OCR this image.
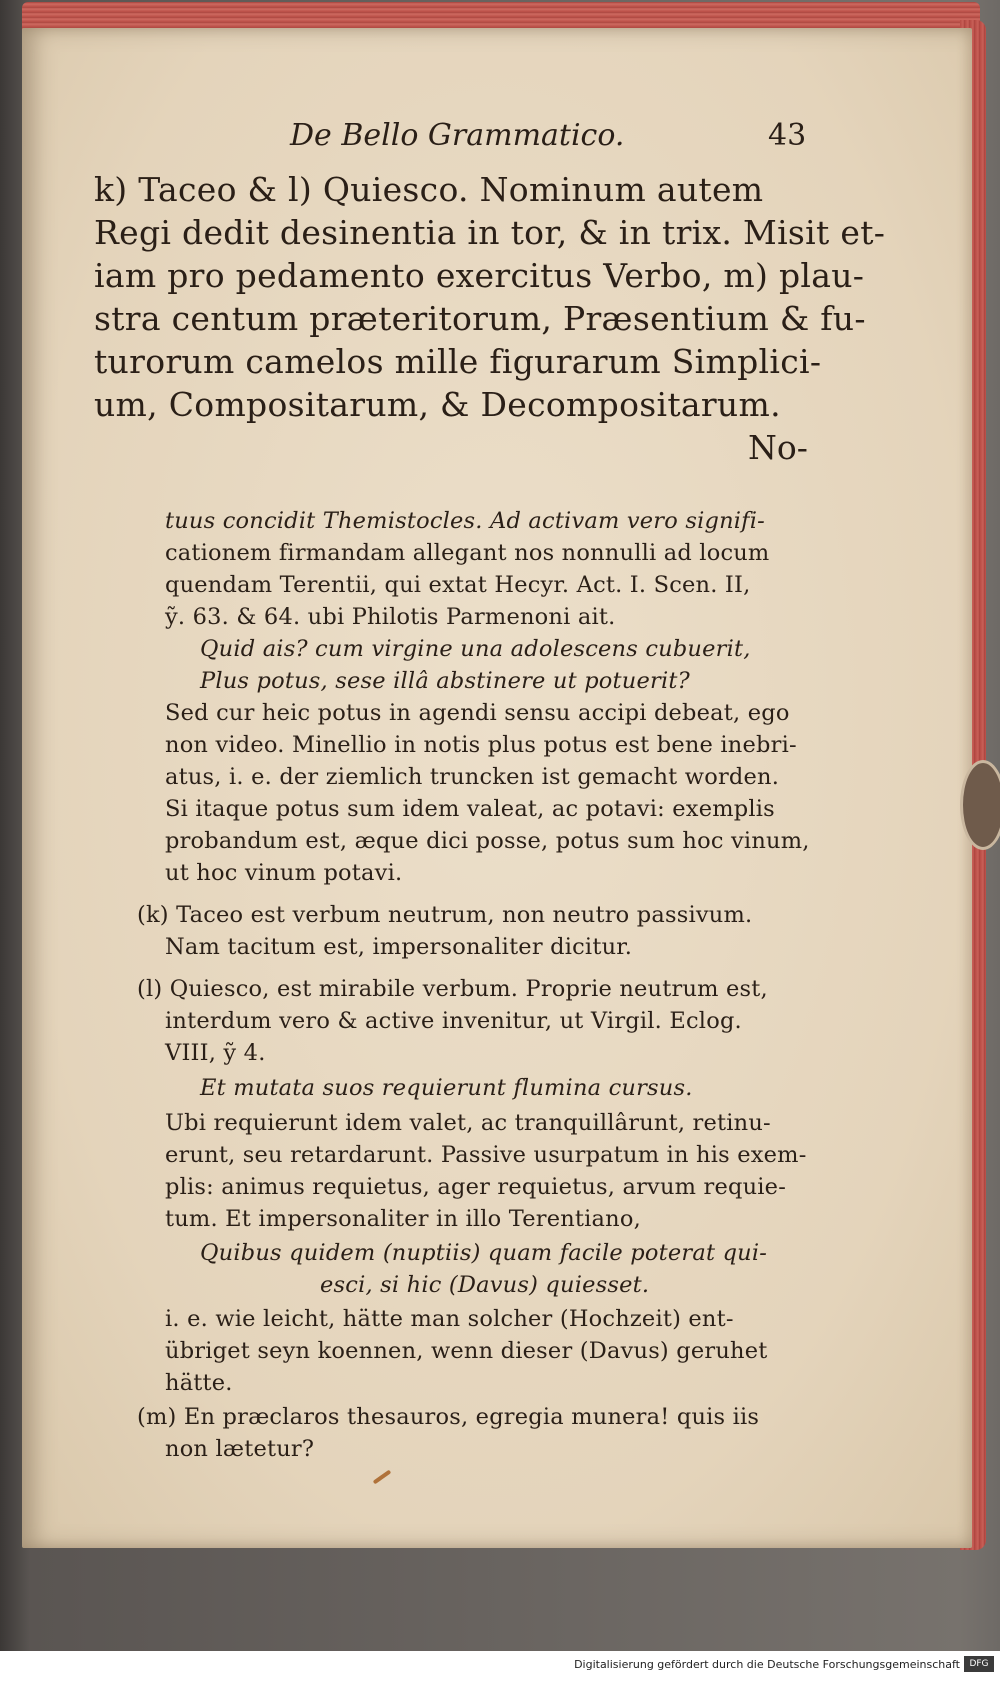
De Bello Grammatico.	43
k) Taceo & l) Quiesco. Nominum autem
Regi dedit desinentia in tor, & in trix. Misit et-
iam pro pedamento exercitus Verbo, m) plau-
stra centum præteritorum, Præsentium & fu-
turorum camelos mille figurarum Simplici-
um, Compositarum, & Decompositarum.
No-
tuus concidit Themistocles. Ad activam vero signifi-
cationem firmandam allegant nos nonnulli ad locum
quendam Terentii, qui extat Hecyr. Act. I. Scen. II,
ỹ. 63. & 64. ubi Philotis Parmenoni ait.
Quid ais? cum virgine una adolescens cubuerit,
Plus potus, sese illâ abstinere ut potuerit?
Sed cur heic potus in agendi sensu accipi debeat, ego
non video. Minellio in notis plus potus est bene inebri-
atus, i. e. der ziemlich truncken ist gemacht worden.
Si itaque potus sum idem valeat, ac potavi: exemplis
probandum est, æque dici posse, potus sum hoc vinum,
ut hoc vinum potavi.
(k) Taceo est verbum neutrum, non neutro passivum.
Nam tacitum est, impersonaliter dicitur.
(l) Quiesco, est mirabile verbum. Proprie neutrum est,
interdum vero & active invenitur, ut Virgil. Eclog.
VIII, ỹ 4.
Et mutata suos requierunt flumina cursus.
Ubi requierunt idem valet, ac tranquillârunt, retinu-
erunt, seu retardarunt. Passive usurpatum in his exem-
plis: animus requietus, ager requietus, arvum requie-
tum. Et impersonaliter in illo Terentiano,
Quibus quidem (nuptiis) quam facile poterat qui-
esci, si hic (Davus) quiesset.
i. e. wie leicht, hätte man solcher (Hochzeit) ent-
übriget seyn koennen, wenn dieser (Davus) geruhet
hätte.
(m) En præclaros thesauros, egregia munera! quis iis
non lætetur?
Digitalisierung gefördert durch die Deutsche Forschungsgemeinschaft	DFG
